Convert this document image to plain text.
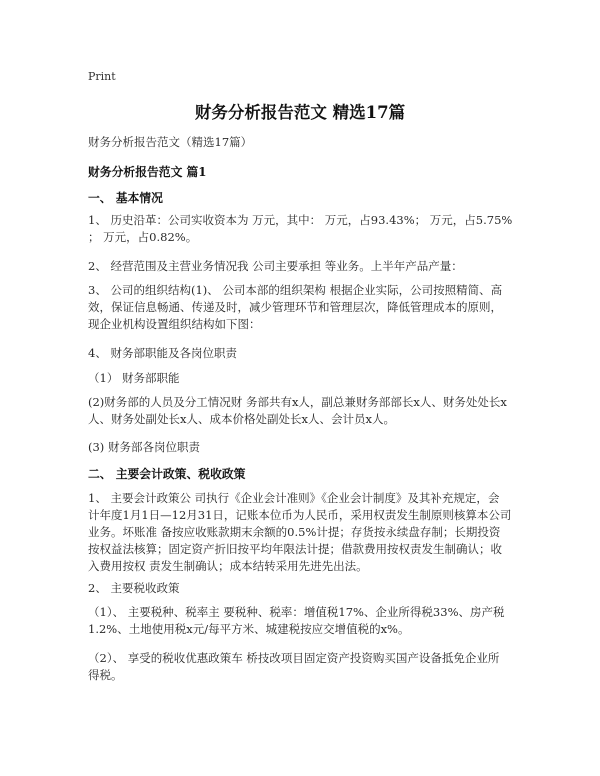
Print
财务分析报告范文 精选17篇
财务分析报告范文（精选17篇）
财务分析报告范文 篇1
一、 基本情况
1、 历史沿革：公司实收资本为 万元，其中： 万元，占93.43%； 万元，占5.75%
； 万元，占0.82%。
2、 经营范围及主营业务情况我 公司主要承担 等业务。上半年产品产量：
3、 公司的组织结构(1)、 公司本部的组织架构 根据企业实际，公司按照精简、高
效，保证信息畅通、传递及时，减少管理环节和管理层次，降低管理成本的原则，
现企业机构设置组织结构如下图：
4、 财务部职能及各岗位职责
（1） 财务部职能
(2)财务部的人员及分工情况财 务部共有x人，副总兼财务部部长x人、财务处处长x
人、财务处副处长x人、成本价格处副处长x人、会计员x人。
(3) 财务部各岗位职责
二、 主要会计政策、税收政策
1、 主要会计政策公 司执行《企业会计准则》《企业会计制度》及其补充规定，会
计年度1月1日—12月31日，记账本位币为人民币，采用权责发生制原则核算本公司
业务。坏账准 备按应收账款期末余额的0.5%计提；存货按永续盘存制；长期投资
按权益法核算；固定资产折旧按平均年限法计提；借款费用按权责发生制确认；收
入费用按权 责发生制确认；成本结转采用先进先出法。
2、 主要税收政策
（1）、 主要税种、税率主 要税种、税率：增值税17%、企业所得税33%、房产税
1.2%、土地使用税x元/每平方米、城建税按应交增值税的x%。
（2）、 享受的税收优惠政策车 桥技改项目固定资产投资购买国产设备抵免企业所
得税。
